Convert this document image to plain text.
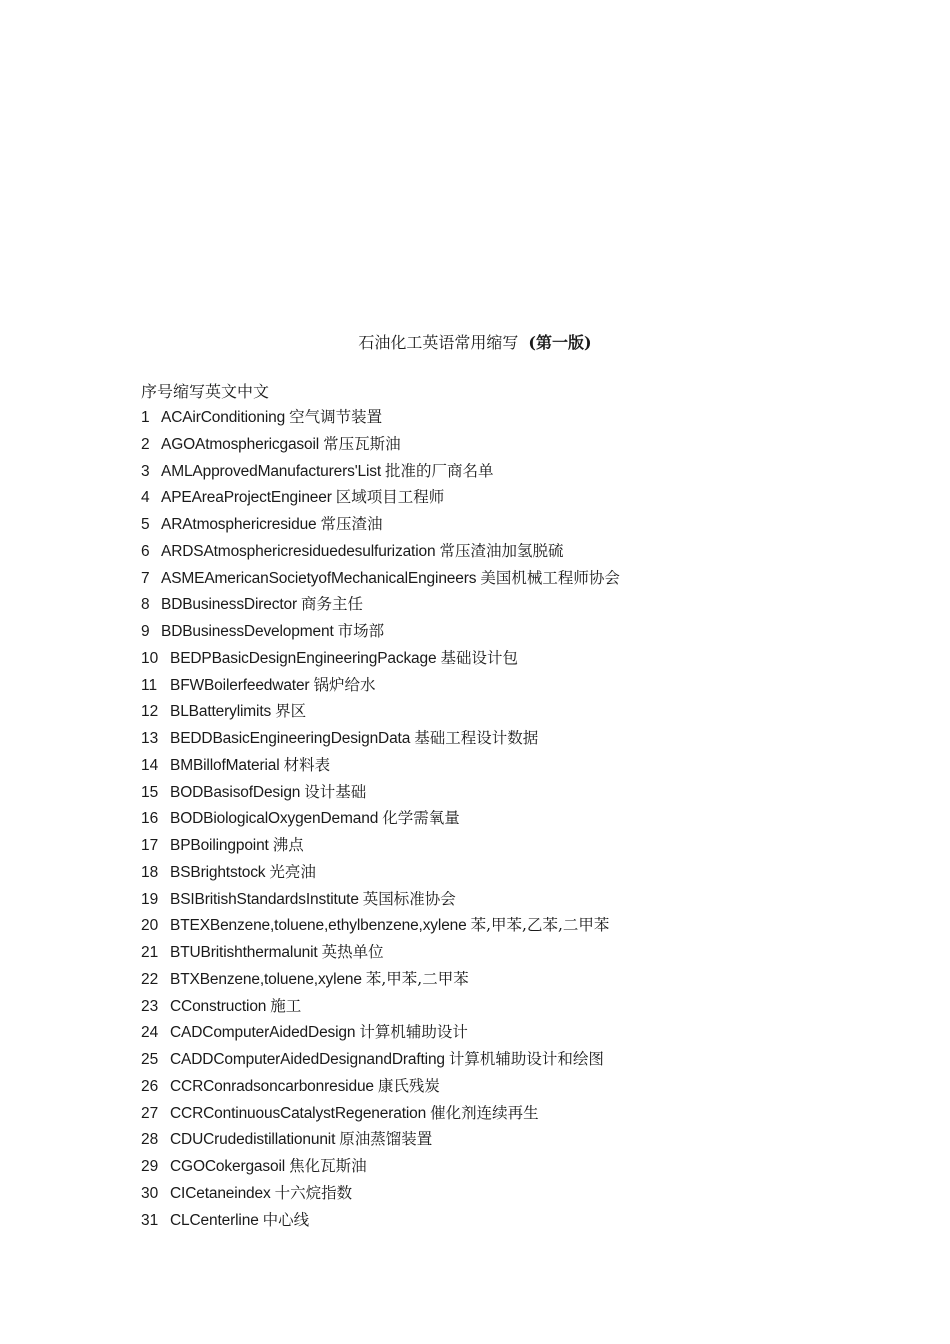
石油化工英语常用缩写 (第一版)
序号缩写英文中文
1 ACAirConditioning 空气调节装置
2 AGOAtmosphericgasoil 常压瓦斯油
3 AMLApprovedManufacturers'List 批准的厂商名单
4 APEAreaProjectEngineer 区域项目工程师
5 ARAtmosphericresidue 常压渣油
6 ARDSAtmosphericresiduedesulfurization 常压渣油加氢脱硫
7 ASMEAmericanSocietyofMechanicalEngineers 美国机械工程师协会
8 BDBusinessDirector 商务主任
9 BDBusinessDevelopment 市场部
10 BEDPBasicDesignEngineeringPackage 基础设计包
11 BFWBoilerfeedwater 锅炉给水
12 BLBatterylimits 界区
13 BEDDBasicEngineeringDesignData 基础工程设计数据
14 BMBillofMaterial 材料表
15 BODBasisofDesign 设计基础
16 BODBiologicalOxygenDemand 化学需氧量
17 BPBoilingpoint 沸点
18 BSBrightstock 光亮油
19 BSIBritishStandardsInstitute 英国标准协会
20 BTEXBenzene,toluene,ethylbenzene,xylene 苯,甲苯,乙苯,二甲苯
21 BTUBritishthermalunit 英热单位
22 BTXBenzene,toluene,xylene 苯,甲苯,二甲苯
23 CConstruction 施工
24 CADComputerAidedDesign 计算机辅助设计
25 CADDComputerAidedDesignandDrafting 计算机辅助设计和绘图
26 CCRConradsoncarbonresidue 康氏残炭
27 CCRContinuousCatalystRegeneration 催化剂连续再生
28 CDUCrudedistillationunit 原油蒸馏装置
29 CGOCokergasoil 焦化瓦斯油
30 CICetaneindex 十六烷指数
31 CLCenterline 中心线
